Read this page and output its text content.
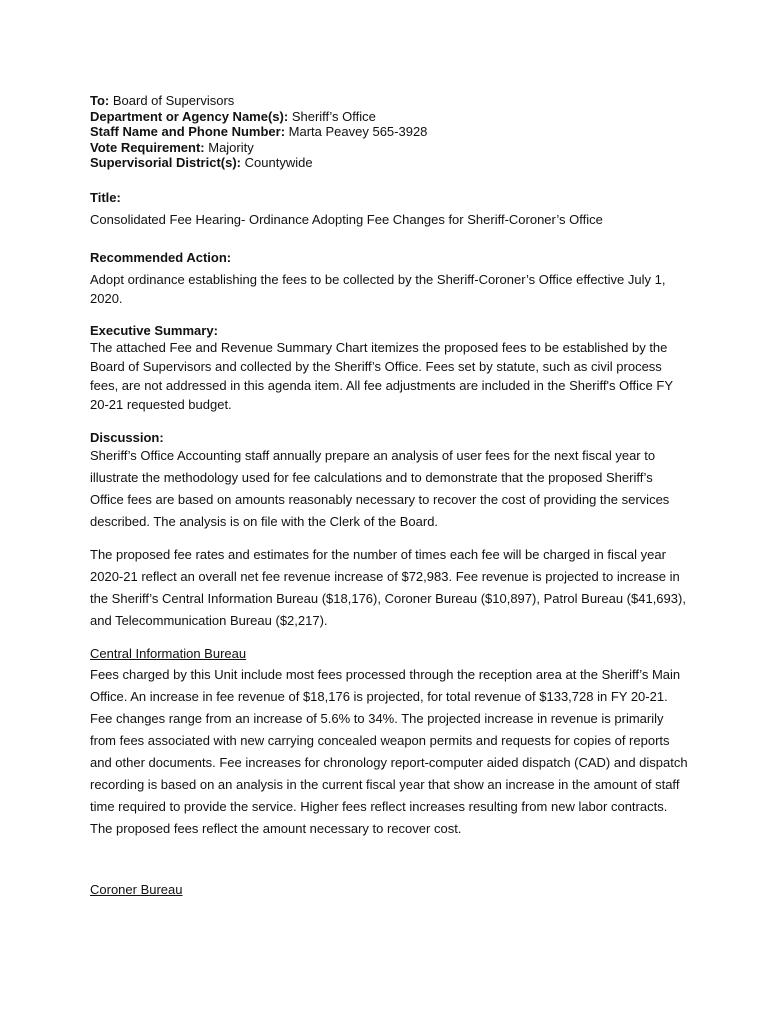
To: Board of Supervisors
Department or Agency Name(s): Sheriff’s Office
Staff Name and Phone Number: Marta Peavey 565-3928
Vote Requirement: Majority
Supervisorial District(s): Countywide
Title:
Consolidated Fee Hearing- Ordinance Adopting Fee Changes for Sheriff-Coroner’s Office
Recommended Action:
Adopt ordinance establishing the fees to be collected by the Sheriff-Coroner’s Office effective July 1, 2020.
Executive Summary:
The attached Fee and Revenue Summary Chart itemizes the proposed fees to be established by the Board of Supervisors and collected by the Sheriff’s Office. Fees set by statute, such as civil process fees, are not addressed in this agenda item. All fee adjustments are included in the Sheriff's Office FY 20-21 requested budget.
Discussion:
Sheriff’s Office Accounting staff annually prepare an analysis of user fees for the next fiscal year to illustrate the methodology used for fee calculations and to demonstrate that the proposed Sheriff’s Office fees are based on amounts reasonably necessary to recover the cost of providing the services described. The analysis is on file with the Clerk of the Board.
The proposed fee rates and estimates for the number of times each fee will be charged in fiscal year 2020-21 reflect an overall net fee revenue increase of $72,983. Fee revenue is projected to increase in the Sheriff’s Central Information Bureau ($18,176), Coroner Bureau ($10,897), Patrol Bureau ($41,693), and Telecommunication Bureau ($2,217).
Central Information Bureau
Fees charged by this Unit include most fees processed through the reception area at the Sheriff’s Main Office. An increase in fee revenue of $18,176 is projected, for total revenue of $133,728 in FY 20-21. Fee changes range from an increase of 5.6% to 34%. The projected increase in revenue is primarily from fees associated with new carrying concealed weapon permits and requests for copies of reports and other documents. Fee increases for chronology report-computer aided dispatch (CAD) and dispatch recording is based on an analysis in the current fiscal year that show an increase in the amount of staff time required to provide the service. Higher fees reflect increases resulting from new labor contracts. The proposed fees reflect the amount necessary to recover cost.
Coroner Bureau
